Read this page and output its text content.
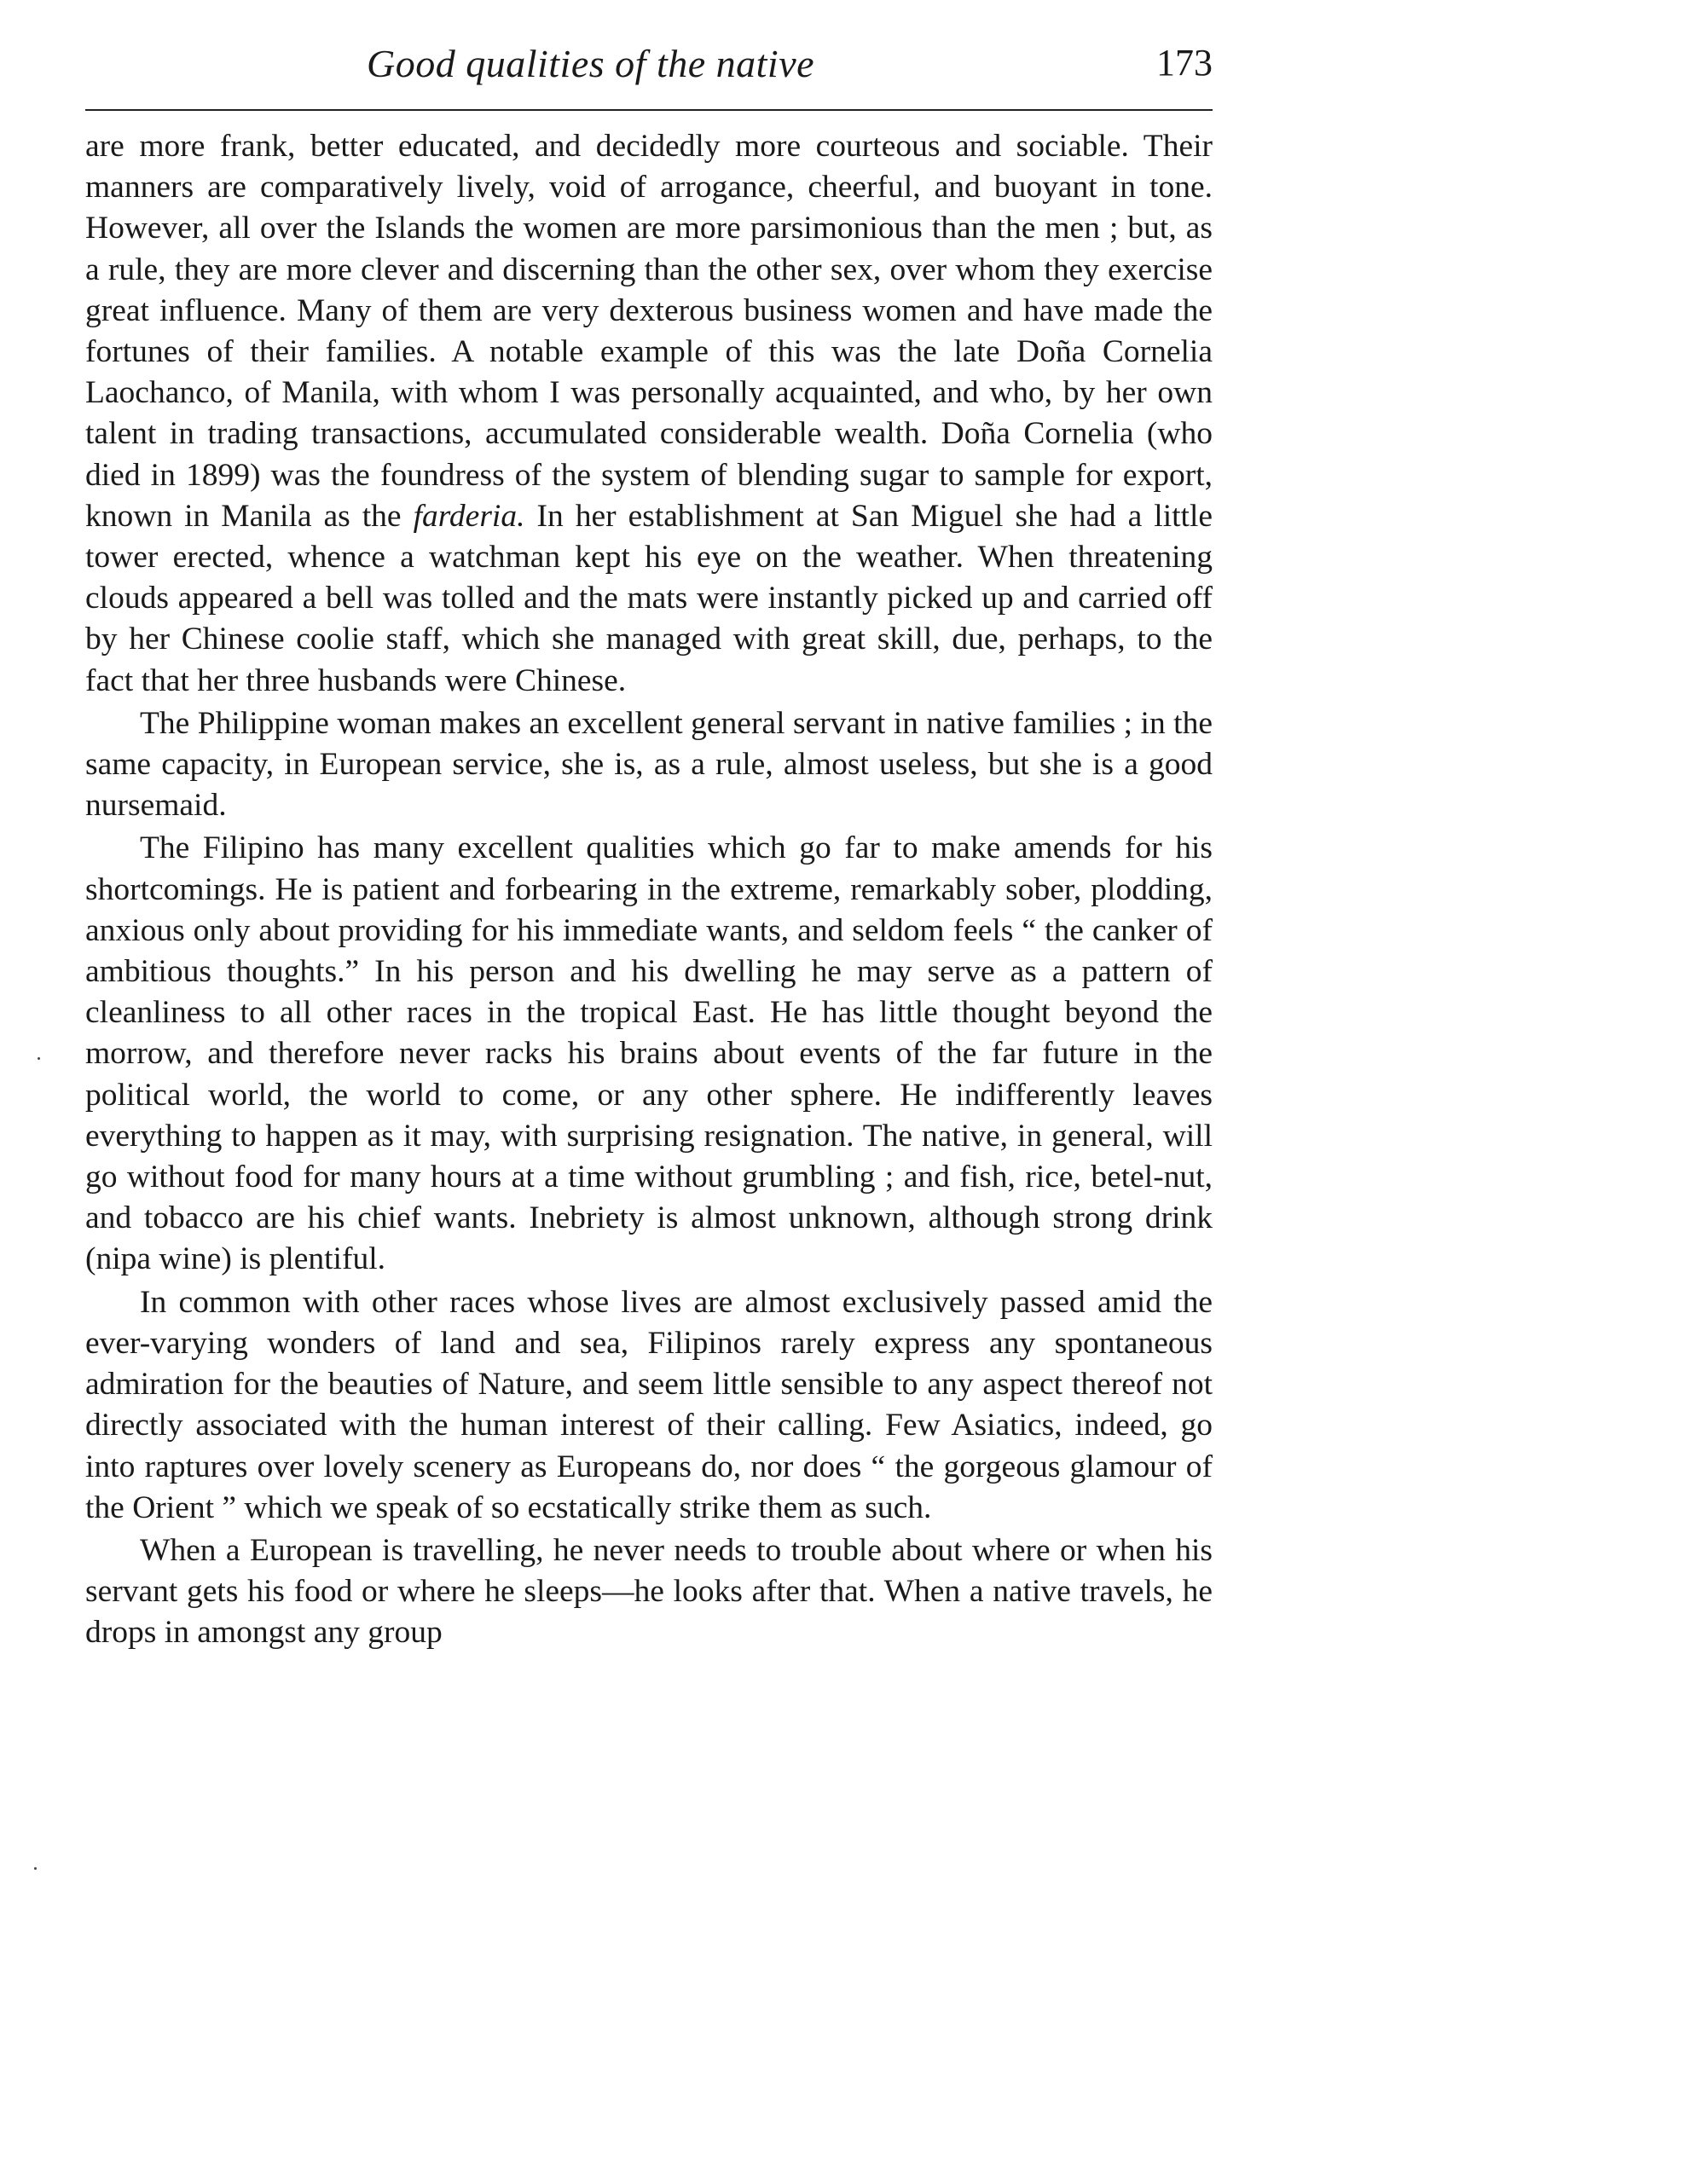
Good qualities of the native	173

are more frank, better educated, and decidedly more courteous and sociable. Their manners are comparatively lively, void of arrogance, cheerful, and buoyant in tone. However, all over the Islands the women are more parsimonious than the men ; but, as a rule, they are more clever and discerning than the other sex, over whom they exercise great influence. Many of them are very dexterous business women and have made the fortunes of their families. A notable example of this was the late Doña Cornelia Laochanco, of Manila, with whom I was personally acquainted, and who, by her own talent in trading transactions, accumulated considerable wealth. Doña Cornelia (who died in 1899) was the foundress of the system of blending sugar to sample for export, known in Manila as the farderia. In her establishment at San Miguel she had a little tower erected, whence a watchman kept his eye on the weather. When threatening clouds appeared a bell was tolled and the mats were instantly picked up and carried off by her Chinese coolie staff, which she managed with great skill, due, perhaps, to the fact that her three husbands were Chinese.

The Philippine woman makes an excellent general servant in native families ; in the same capacity, in European service, she is, as a rule, almost useless, but she is a good nursemaid.

The Filipino has many excellent qualities which go far to make amends for his shortcomings. He is patient and forbearing in the extreme, remarkably sober, plodding, anxious only about providing for his immediate wants, and seldom feels “ the canker of ambitious thoughts.” In his person and his dwelling he may serve as a pattern of cleanliness to all other races in the tropical East. He has little thought beyond the morrow, and therefore never racks his brains about events of the far future in the political world, the world to come, or any other sphere. He indifferently leaves everything to happen as it may, with surprising resignation. The native, in general, will go without food for many hours at a time without grumbling ; and fish, rice, betel-nut, and tobacco are his chief wants. Inebriety is almost unknown, although strong drink (nipa wine) is plentiful.

In common with other races whose lives are almost exclusively passed amid the ever-varying wonders of land and sea, Filipinos rarely express any spontaneous admiration for the beauties of Nature, and seem little sensible to any aspect thereof not directly associated with the human interest of their calling. Few Asiatics, indeed, go into raptures over lovely scenery as Europeans do, nor does “ the gorgeous glamour of the Orient ” which we speak of so ecstatically strike them as such.

When a European is travelling, he never needs to trouble about where or when his servant gets his food or where he sleeps—he looks after that. When a native travels, he drops in amongst any group
